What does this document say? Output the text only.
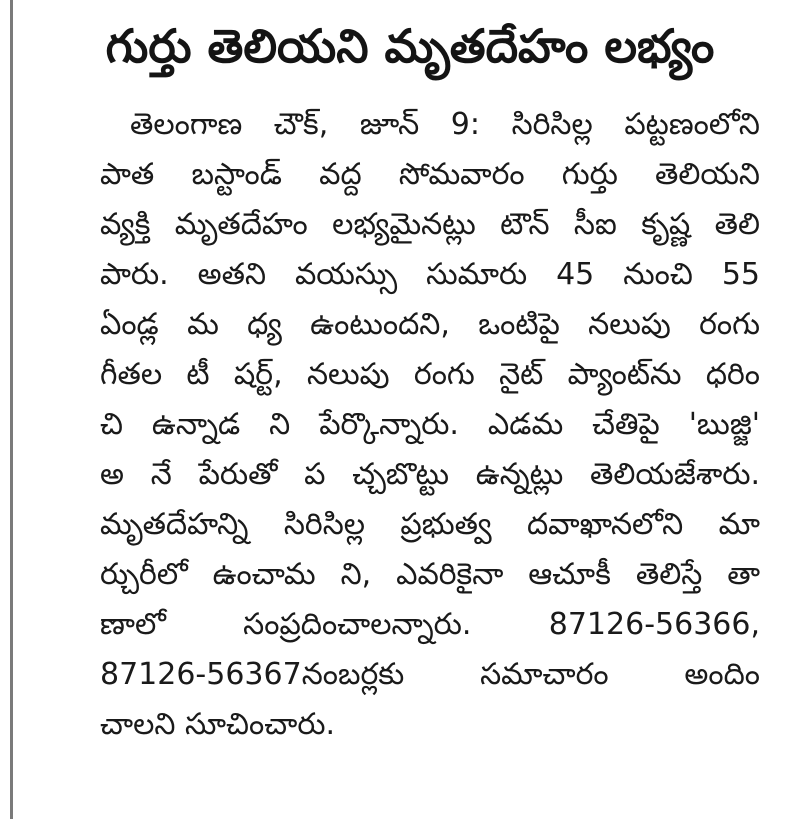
గుర్తు తెలియని మృతదేహం లభ్యం
తెలంగాణ చౌక్, జూన్ 9: సిరిసిల్ల పట్టణంలోని
పాత బస్టాండ్ వద్ద సోమవారం గుర్తు తెలియని
వ్యక్తి మృతదేహం లభ్యమైనట్లు టౌన్ సీఐ కృష్ణ తెలి
పారు. అతని వయస్సు సుమారు 45 నుంచి 55
ఏండ్ల మ ధ్య ఉంటుందని, ఒంటిపై నలుపు రంగు
గీతల టీ షర్ట్, నలుపు రంగు నైట్ ప్యాంట్‌ను ధరిం
చి ఉన్నాడ ని పేర్కొన్నారు. ఎడమ చేతిపై 'బుజ్జి'
అ నే పేరుతో ప చ్చబొట్టు ఉన్నట్లు తెలియజేశారు.
మృతదేహన్ని సిరిసిల్ల ప్రభుత్వ దవాఖానలోని మా
ర్చురీలో ఉంచామ ని, ఎవరికైనా ఆచూకీ తెలిస్తే తా
ణాలో సంప్రదించాలన్నారు. 87126-56366,
87126-56367నంబర్లకు సమాచారం అందిం
చాలని సూచించారు.
